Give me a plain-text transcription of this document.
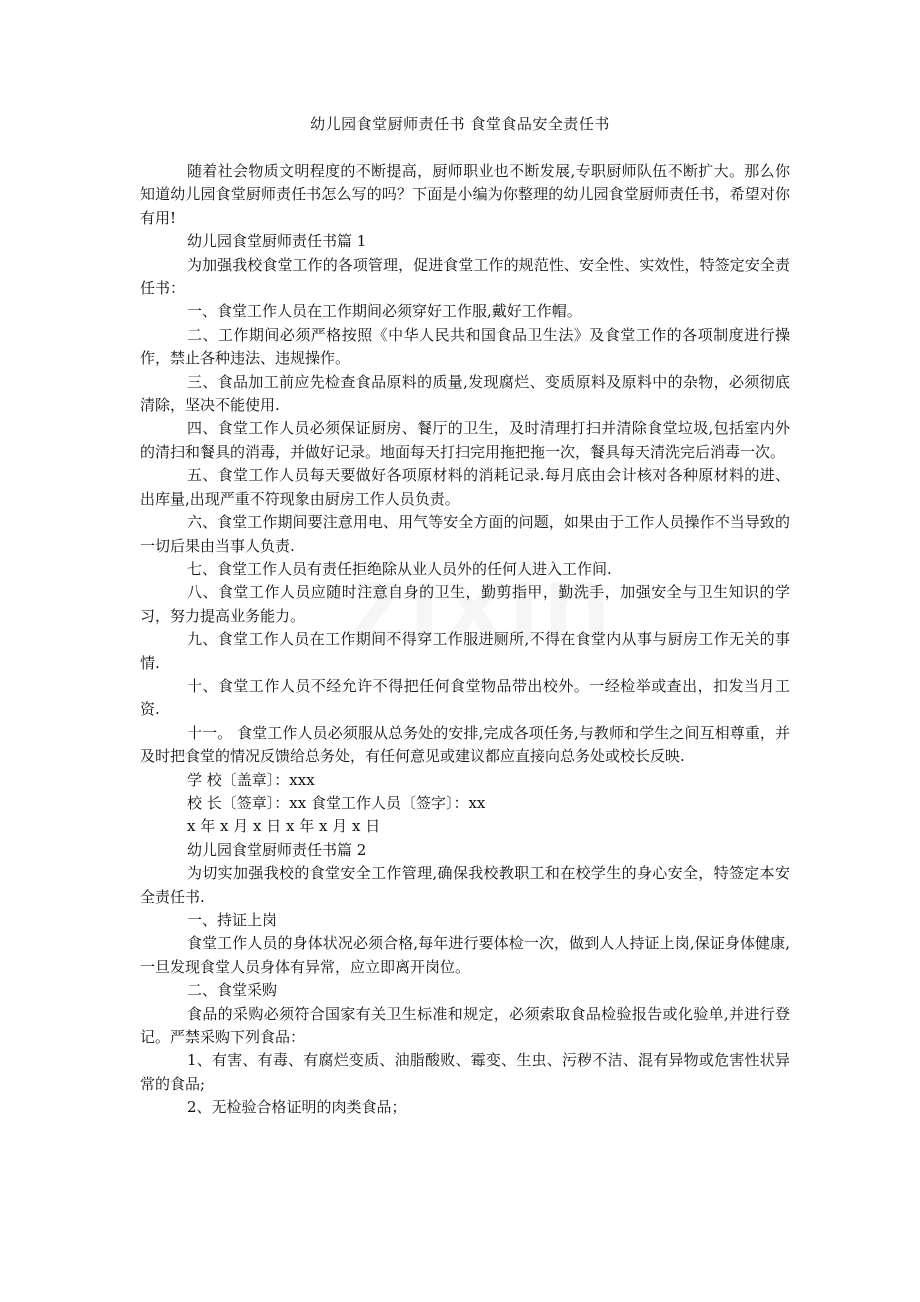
幼儿园食堂厨师责任书 食堂食品安全责任书

随着社会物质文明程度的不断提高，厨师职业也不断发展,专职厨师队伍不断扩大。那么你知道幼儿园食堂厨师责任书怎么写的吗？下面是小编为你整理的幼儿园食堂厨师责任书，希望对你有用!

幼儿园食堂厨师责任书篇 1

为加强我校食堂工作的各项管理，促进食堂工作的规范性、安全性、实效性，特签定安全责任书：

一、食堂工作人员在工作期间必须穿好工作服,戴好工作帽。

二、工作期间必须严格按照《中华人民共和国食品卫生法》及食堂工作的各项制度进行操作，禁止各种违法、违规操作。

三、食品加工前应先检查食品原料的质量,发现腐烂、变质原料及原料中的杂物，必须彻底清除，坚决不能使用.

四、食堂工作人员必须保证厨房、餐厅的卫生，及时清理打扫并清除食堂垃圾,包括室内外的清扫和餐具的消毒，并做好记录。地面每天打扫完用拖把拖一次，餐具每天清洗完后消毒一次。

五、食堂工作人员每天要做好各项原材料的消耗记录.每月底由会计核对各种原材料的进、出库量,出现严重不符现象由厨房工作人员负责。

六、食堂工作期间要注意用电、用气等安全方面的问题，如果由于工作人员操作不当导致的一切后果由当事人负责.

七、食堂工作人员有责任拒绝除从业人员外的任何人进入工作间.

八、食堂工作人员应随时注意自身的卫生，勤剪指甲，勤洗手，加强安全与卫生知识的学习，努力提高业务能力。

九、食堂工作人员在工作期间不得穿工作服进厕所,不得在食堂内从事与厨房工作无关的事情.

十、食堂工作人员不经允许不得把任何食堂物品带出校外。一经检举或查出，扣发当月工资.

十一。 食堂工作人员必须服从总务处的安排,完成各项任务,与教师和学生之间互相尊重，并及时把食堂的情况反馈给总务处，有任何意见或建议都应直接向总务处或校长反映.

学 校〔盖章〕：xxx

校 长〔签章〕：xx 食堂工作人员〔签字〕：xx

x 年 x 月 x 日 x 年 x 月 x 日

幼儿园食堂厨师责任书篇 2

为切实加强我校的食堂安全工作管理,确保我校教职工和在校学生的身心安全，特签定本安全责任书.

一、持证上岗

食堂工作人员的身体状况必须合格,每年进行要体检一次，做到人人持证上岗,保证身体健康,一旦发现食堂人员身体有异常，应立即离开岗位。

二、食堂采购

食品的采购必须符合国家有关卫生标准和规定，必须索取食品检验报告或化验单,并进行登记。严禁采购下列食品：

1、有害、有毒、有腐烂变质、油脂酸败、霉变、生虫、污秽不洁、混有异物或危害性状异常的食品;

2、无检验合格证明的肉类食品；
